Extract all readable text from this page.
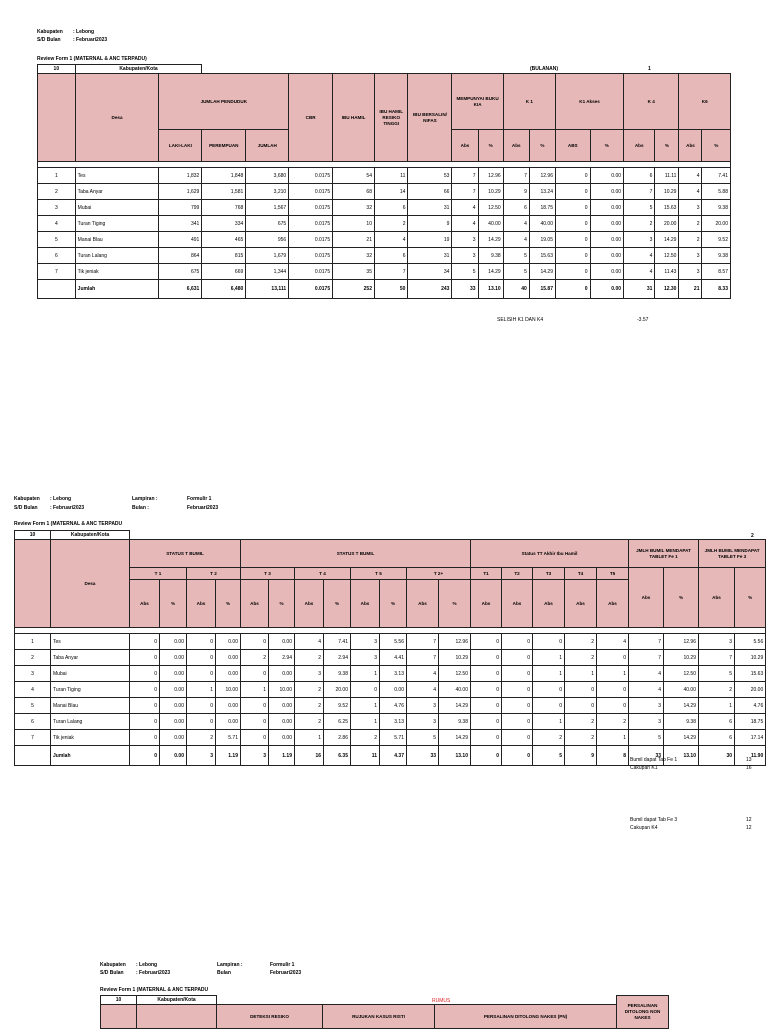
Kabupaten : Lebong
S/D Bulan : Februari2023
Review Form 1 (MATERNAL & ANC TERPADU)
(BULANAN)	1
10	Kabupaten/Kota																	
	Desa	JUMLAH PENDUDUK			CBR	IBU HAMIL	IBU HAMIL RESIKO TINGGI	IBU BERSALIN/ NIFAS	MEMPUNYAI BUKU KIA		K 1		K1 Akses		K 4		K6	
									Abs	%	Abs	%	ABS	%	Abs	%	Abs	%
		LAKI-LAKI	PEREMPUAN	JUMLAH														

1	Tes	1,832	1,848	3,680	0.0175	54	11	53	7	12.96	7	12.96	0	0.00	6	11.11	4	7.41
2	Taba Anyar	1,629	1,581	3,210	0.0175	68	14	66	7	10.29	9	13.24	0	0.00	7	10.29	4	5.88
3	Mubai	799	768	1,567	0.0175	32	6	31	4	12.50	6	18.75	0	0.00	5	15.63	3	9.38
4	Turan Tiging	341	334	675	0.0175	10	2	9	4	40.00	4	40.00	0	0.00	2	20.00	2	20.00
5	Manai Blau	491	465	956	0.0175	21	4	19	3	14.29	4	19.05	0	0.00	3	14.29	2	9.52
6	Turan Lalang	864	815	1,679	0.0175	32	6	31	3	9.38	5	15.63	0	0.00	4	12.50	3	9.38
7	Tik jeniak	675	669	1,344	0.0175	35	7	34	5	14.29	5	14.29	0	0.00	4	11.43	3	8.57
	Jumlah	6,631	6,480	13,111	0.0175	252	50	243	33	13.10	40	15.87	0	0.00	31	12.30	21	8.33
SELISIH K1 DAN K4	-3.57
Kabupaten : Lebong
S/D Bulan : Februari2023
Lampiran :	Formulir 1
Bulan :	Februari2023
Review Form 1 (MATERNAL & ANC TERPADU
2
10	Kabupaten/Kota																					
	Desa	STATUS T BUMIL				STATUS T BUMIL								Status TT Akhir Ibu Hamil					JMLH BUMIL MENDAPAT TABLET Fe 1		JMLH BUMIL MENDAPAT TABLET Fe 3	
		T 1		T 2		T 3		T 4		T 5		T 2+		T1	T2	T3	T4	T5	Abs	%	Abs	%
		Abs	%	Abs	%	Abs	%	Abs	%	Abs	%	Abs	%	Abs	Abs	Abs	Abs	Abs				

1	Tes	0	0.00	0	0.00	0	0.00	4	7.41	3	5.56	7	12.96	0	0	0	2	4	7	12.96	3	5.56
2	Taba Anyar	0	0.00	0	0.00	2	2.94	2	2.94	3	4.41	7	10.29	0	0	1	2	0	7	10.29	7	10.29
3	Mubai	0	0.00	0	0.00	0	0.00	3	9.38	1	3.13	4	12.50	0	0	1	1	1	4	12.50	5	15.63
4	Turan Tiging	0	0.00	1	10.00	1	10.00	2	20.00	0	0.00	4	40.00	0	0	0	0	0	4	40.00	2	20.00
5	Manai Blau	0	0.00	0	0.00	0	0.00	2	9.52	1	4.76	3	14.29	0	0	0	0	0	3	14.29	1	4.76
6	Turan Lalang	0	0.00	0	0.00	0	0.00	2	6.25	1	3.13	3	9.38	0	0	1	2	2	3	9.38	6	18.75
7	Tik jeniak	0	0.00	2	5.71	0	0.00	1	2.86	2	5.71	5	14.29	0	0	2	2	1	5	14.29	6	17.14
	Jumlah	0	0.00	3	1.19	3	1.19	16	6.35	11	4.37	33	13.10	0	0	5	9	8	33	13.10	30	11.90
Bumil dapat Tab Fe 1	13
Cakupan K1	16
Bumil dapat Tab Fe 3	12
Cakupan K4	12
Kabupaten : Lebong
S/D Bulan : Februari2023
Lampiran :	Formulir 1
Bulan	Februari2023
Review Form 1 (MATERNAL & ANC TERPADU
RUMUS
10	Kabupaten/Kota				PERSALINAN DITOLONG NON NAKES
		DETEKSI RESIKO	RUJUKAN KASUS RISTI	PERSALINAN DITOLONG NAKES (PN)	
